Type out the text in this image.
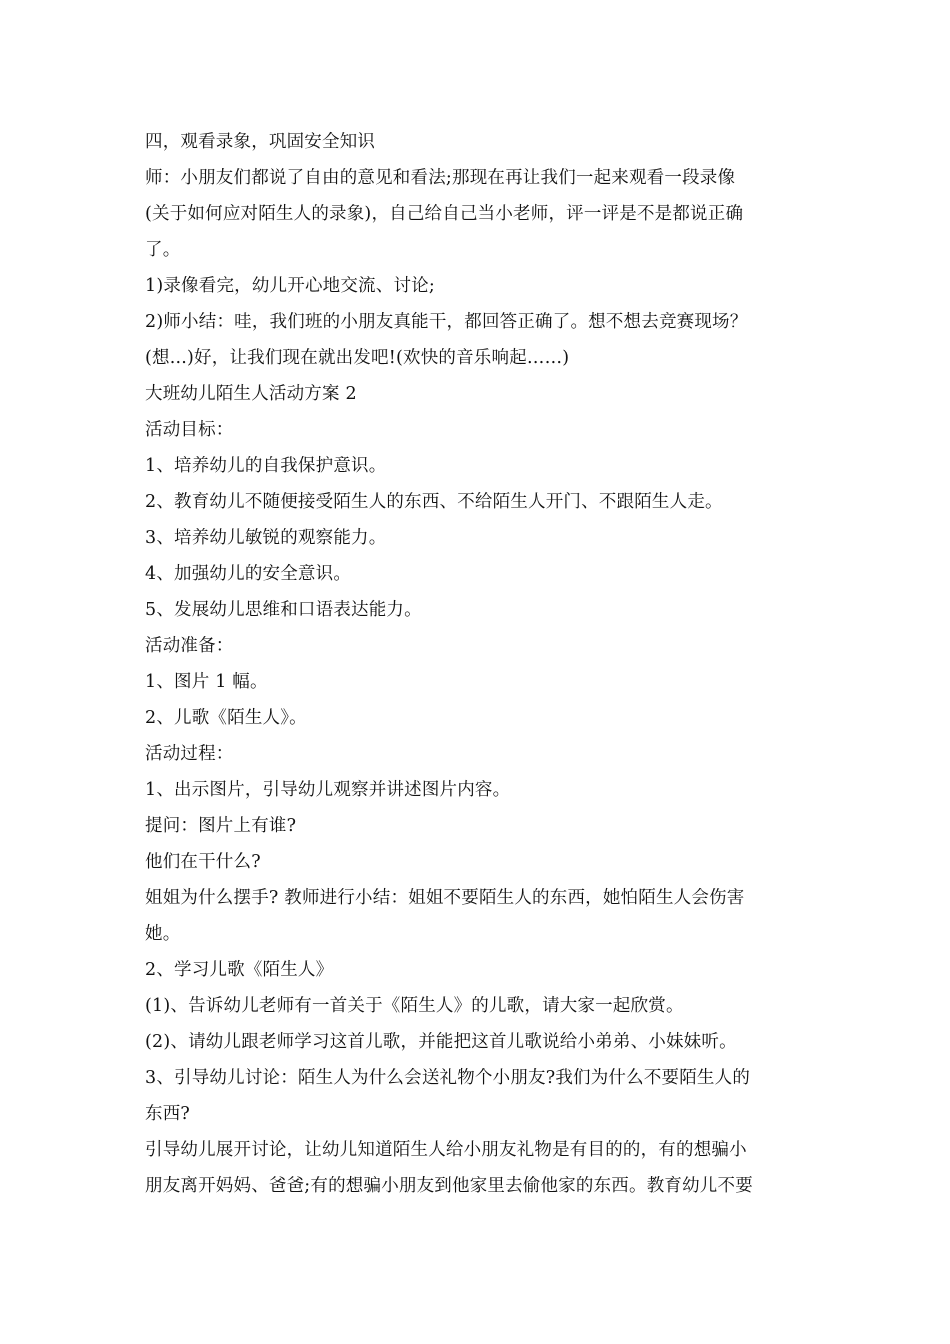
四，观看录象，巩固安全知识
师：小朋友们都说了自由的意见和看法;那现在再让我们一起来观看一段录像
(关于如何应对陌生人的录象)，自己给自己当小老师，评一评是不是都说正确
了。
1)录像看完，幼儿开心地交流、讨论;
2)师小结：哇，我们班的小朋友真能干，都回答正确了。想不想去竞赛现场？
(想...)好，让我们现在就出发吧!(欢快的音乐响起……)
大班幼儿陌生人活动方案 2
活动目标：
1、培养幼儿的自我保护意识。
2、教育幼儿不随便接受陌生人的东西、不给陌生人开门、不跟陌生人走。
3、培养幼儿敏锐的观察能力。
4、加强幼儿的安全意识。
5、发展幼儿思维和口语表达能力。
活动准备：
1、图片 1 幅。
2、儿歌《陌生人》。
活动过程：
1、出示图片，引导幼儿观察并讲述图片内容。
提问：图片上有谁?
他们在干什么?
姐姐为什么摆手? 教师进行小结：姐姐不要陌生人的东西，她怕陌生人会伤害
她。
2、学习儿歌《陌生人》
(1)、告诉幼儿老师有一首关于《陌生人》的儿歌，请大家一起欣赏。
(2)、请幼儿跟老师学习这首儿歌，并能把这首儿歌说给小弟弟、小妹妹听。
3、引导幼儿讨论：陌生人为什么会送礼物个小朋友?我们为什么不要陌生人的
东西?
引导幼儿展开讨论，让幼儿知道陌生人给小朋友礼物是有目的的，有的想骗小
朋友离开妈妈、爸爸;有的想骗小朋友到他家里去偷他家的东西。教育幼儿不要
